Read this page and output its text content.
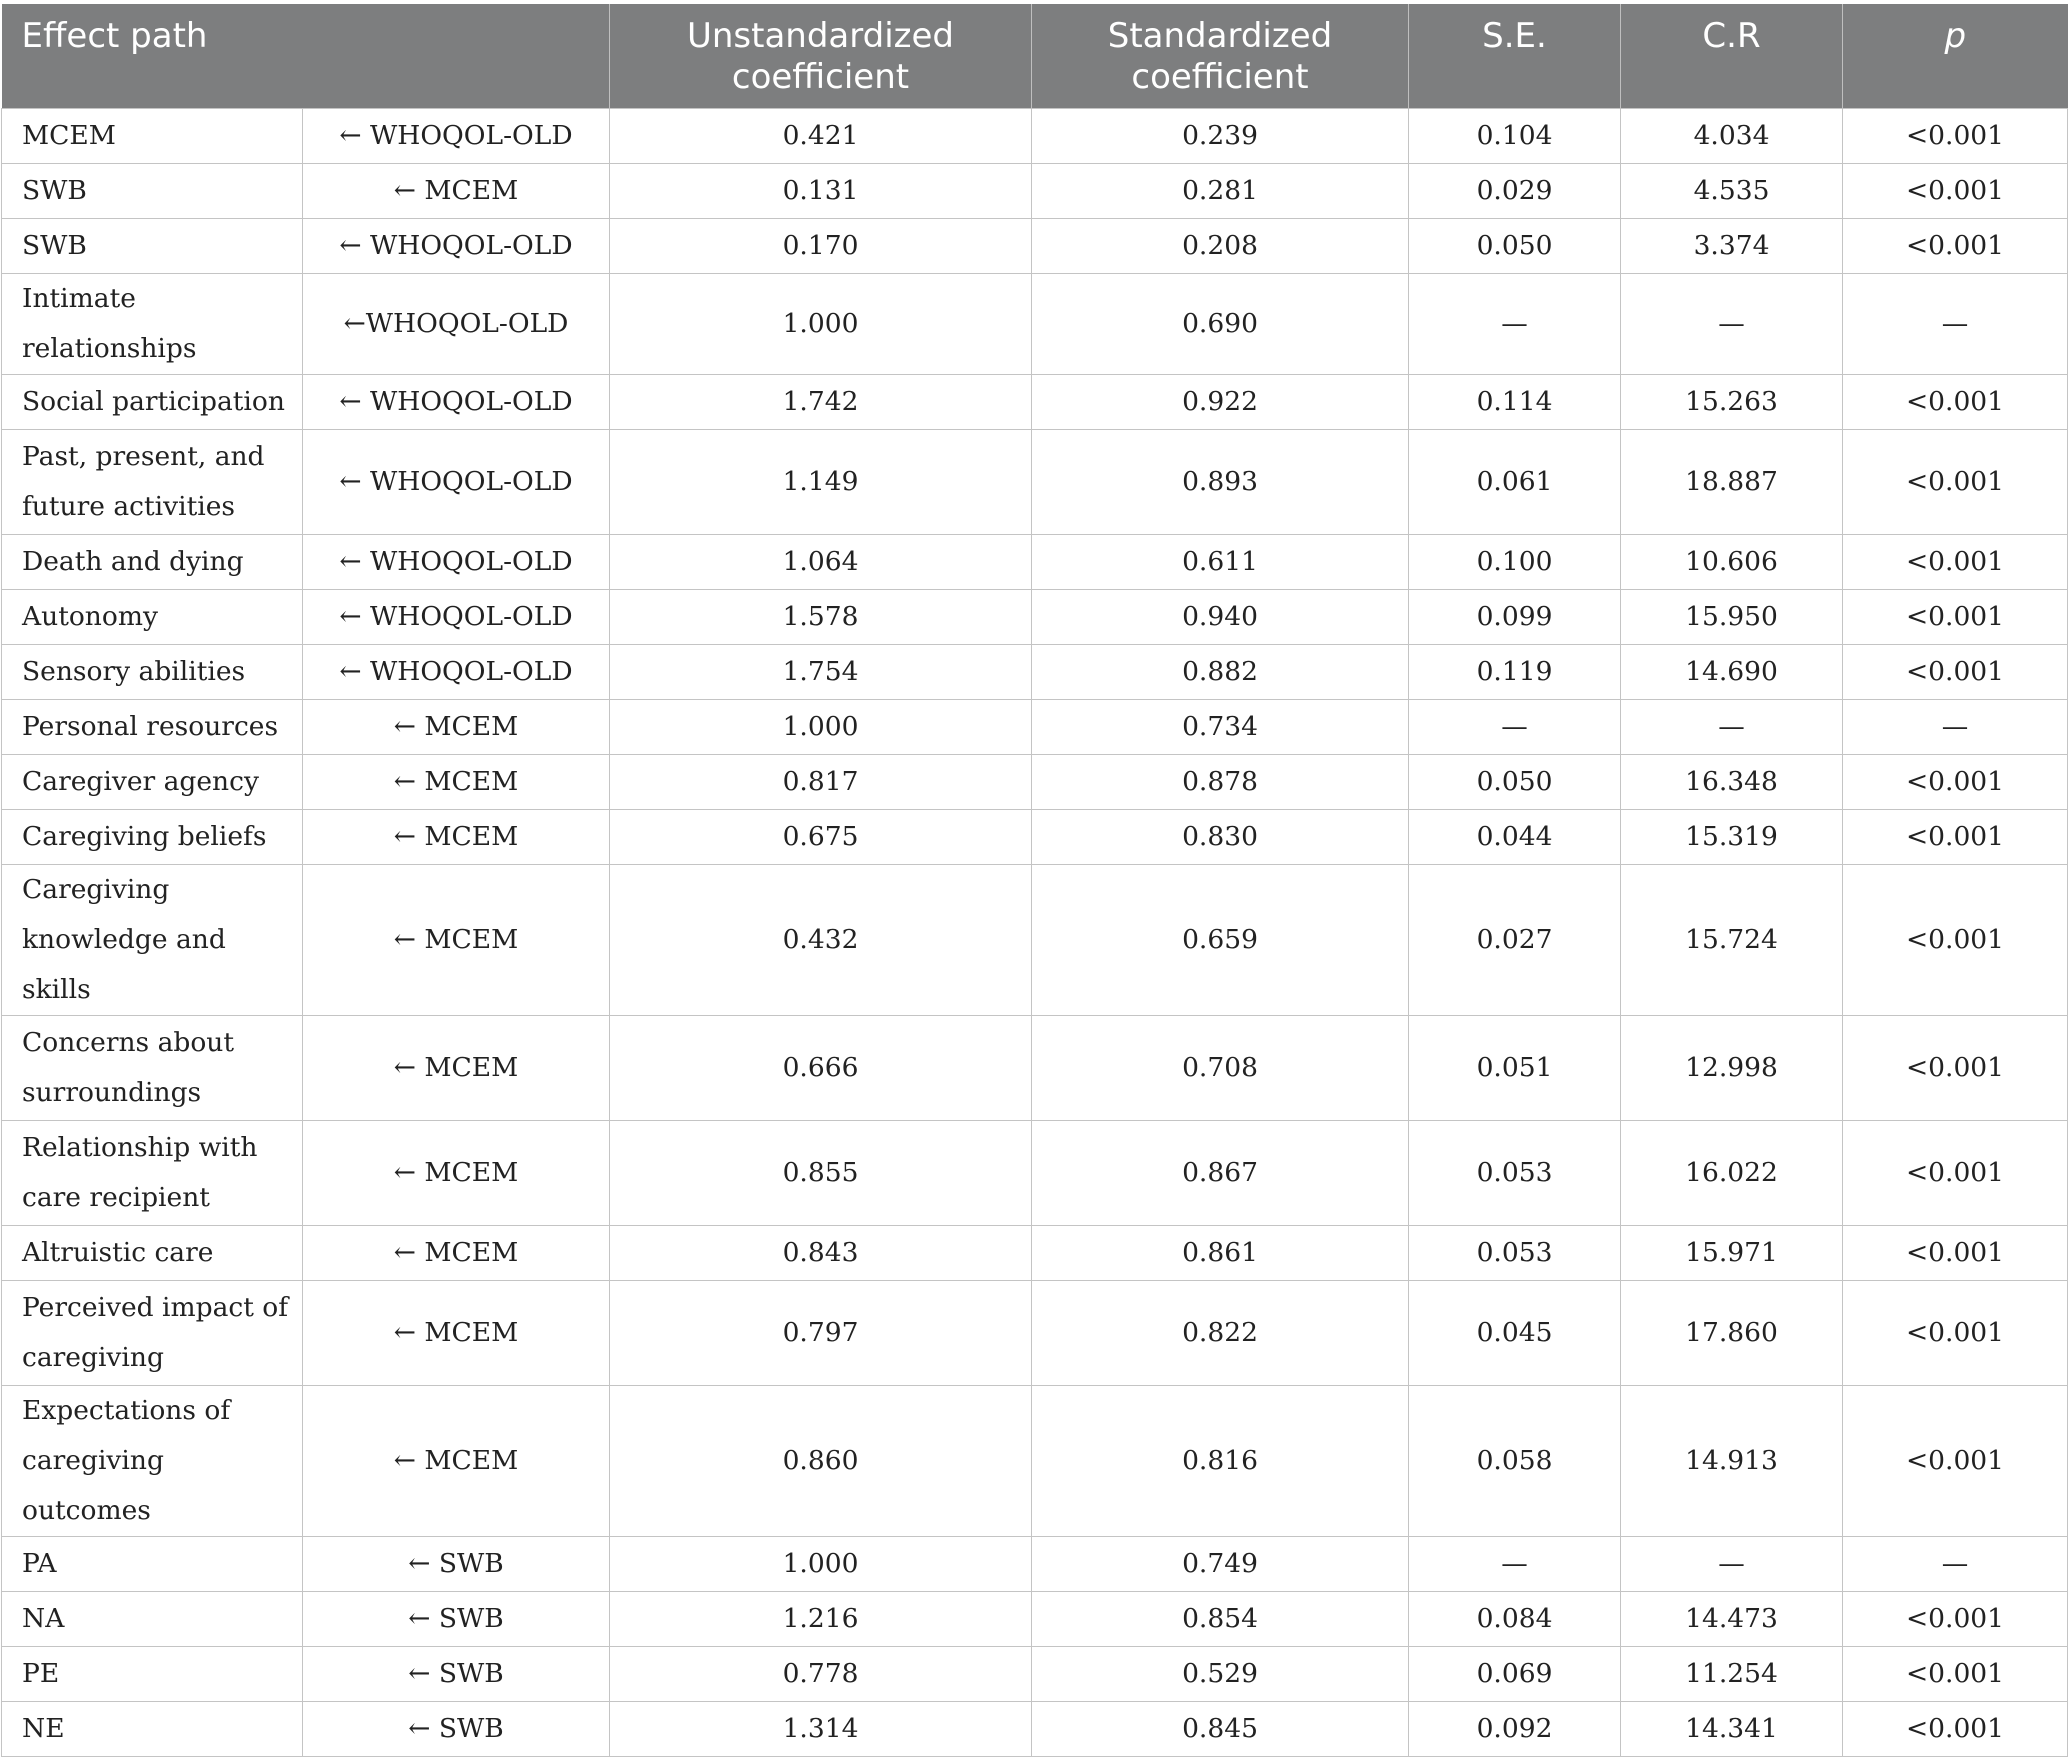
Effect path		Unstandardized coefficient	Standardized coefficient	S.E.	C.R	p
MCEM	← WHOQOL-OLD	0.421	0.239	0.104	4.034	<0.001
SWB	← MCEM	0.131	0.281	0.029	4.535	<0.001
SWB	← WHOQOL-OLD	0.170	0.208	0.050	3.374	<0.001
Intimate relationships	←WHOQOL-OLD	1.000	0.690	—	—	—
Social participation	← WHOQOL-OLD	1.742	0.922	0.114	15.263	<0.001
Past, present, and future activities	← WHOQOL-OLD	1.149	0.893	0.061	18.887	<0.001
Death and dying	← WHOQOL-OLD	1.064	0.611	0.100	10.606	<0.001
Autonomy	← WHOQOL-OLD	1.578	0.940	0.099	15.950	<0.001
Sensory abilities	← WHOQOL-OLD	1.754	0.882	0.119	14.690	<0.001
Personal resources	← MCEM	1.000	0.734	—	—	—
Caregiver agency	← MCEM	0.817	0.878	0.050	16.348	<0.001
Caregiving beliefs	← MCEM	0.675	0.830	0.044	15.319	<0.001
Caregiving knowledge and skills	← MCEM	0.432	0.659	0.027	15.724	<0.001
Concerns about surroundings	← MCEM	0.666	0.708	0.051	12.998	<0.001
Relationship with care recipient	← MCEM	0.855	0.867	0.053	16.022	<0.001
Altruistic care	← MCEM	0.843	0.861	0.053	15.971	<0.001
Perceived impact of caregiving	← MCEM	0.797	0.822	0.045	17.860	<0.001
Expectations of caregiving outcomes	← MCEM	0.860	0.816	0.058	14.913	<0.001
PA	← SWB	1.000	0.749	—	—	—
NA	← SWB	1.216	0.854	0.084	14.473	<0.001
PE	← SWB	0.778	0.529	0.069	11.254	<0.001
NE	← SWB	1.314	0.845	0.092	14.341	<0.001
